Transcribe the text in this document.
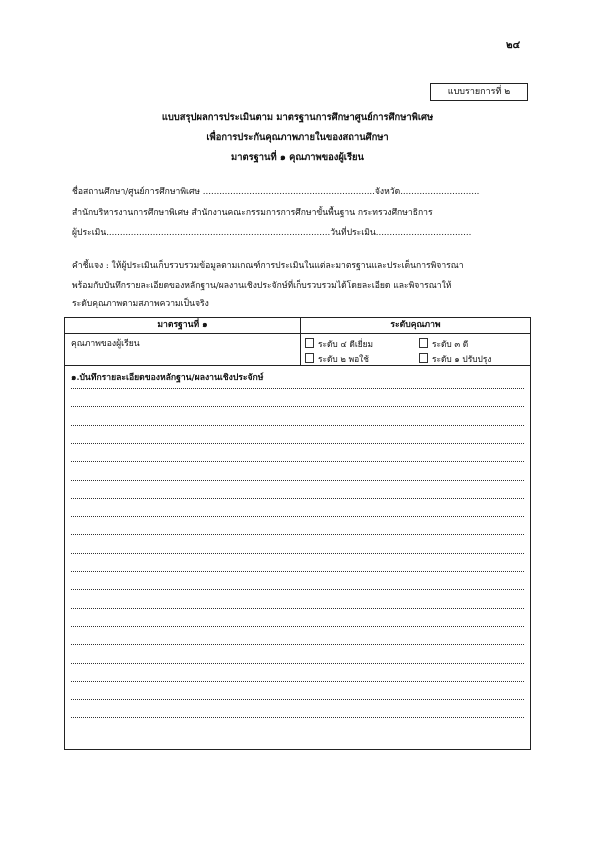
๒๔
แบบรายการที่ ๒
แบบสรุปผลการประเมินตาม มาตรฐานการศึกษาศูนย์การศึกษาพิเศษ
เพื่อการประกันคุณภาพภายในของสถานศึกษา
มาตรฐานที่ ๑ คุณภาพของผู้เรียน
ชื่อสถานศึกษา/ศูนย์การศึกษาพิเศษ ...............................................................จังหวัด.............................
สำนักบริหารงานการศึกษาพิเศษ สำนักงานคณะกรรมการการศึกษาขั้นพื้นฐาน กระทรวงศึกษาธิการ
ผู้ประเมิน..................................................................................วันที่ประเมิน...................................
คำชี้แจง : ให้ผู้ประเมินเก็บรวบรวมข้อมูลตามเกณฑ์การประเมินในแต่ละมาตรฐานและประเด็นการพิจารณา
พร้อมกับบันทึกรายละเอียดของหลักฐาน/ผลงานเชิงประจักษ์ที่เก็บรวบรวมได้โดยละเอียด และพิจารณาให้
ระดับคุณภาพตามสภาพความเป็นจริง
มาตรฐานที่ ๑	ระดับคุณภาพ
คุณภาพของผู้เรียน	ระดับ ๔ ดีเยี่ยม ระดับ ๓ ดี
ระดับ ๒ พอใช้ ระดับ ๑ ปรับปรุง

๑.บันทึกรายละเอียดของหลักฐาน/ผลงานเชิงประจักษ์	
